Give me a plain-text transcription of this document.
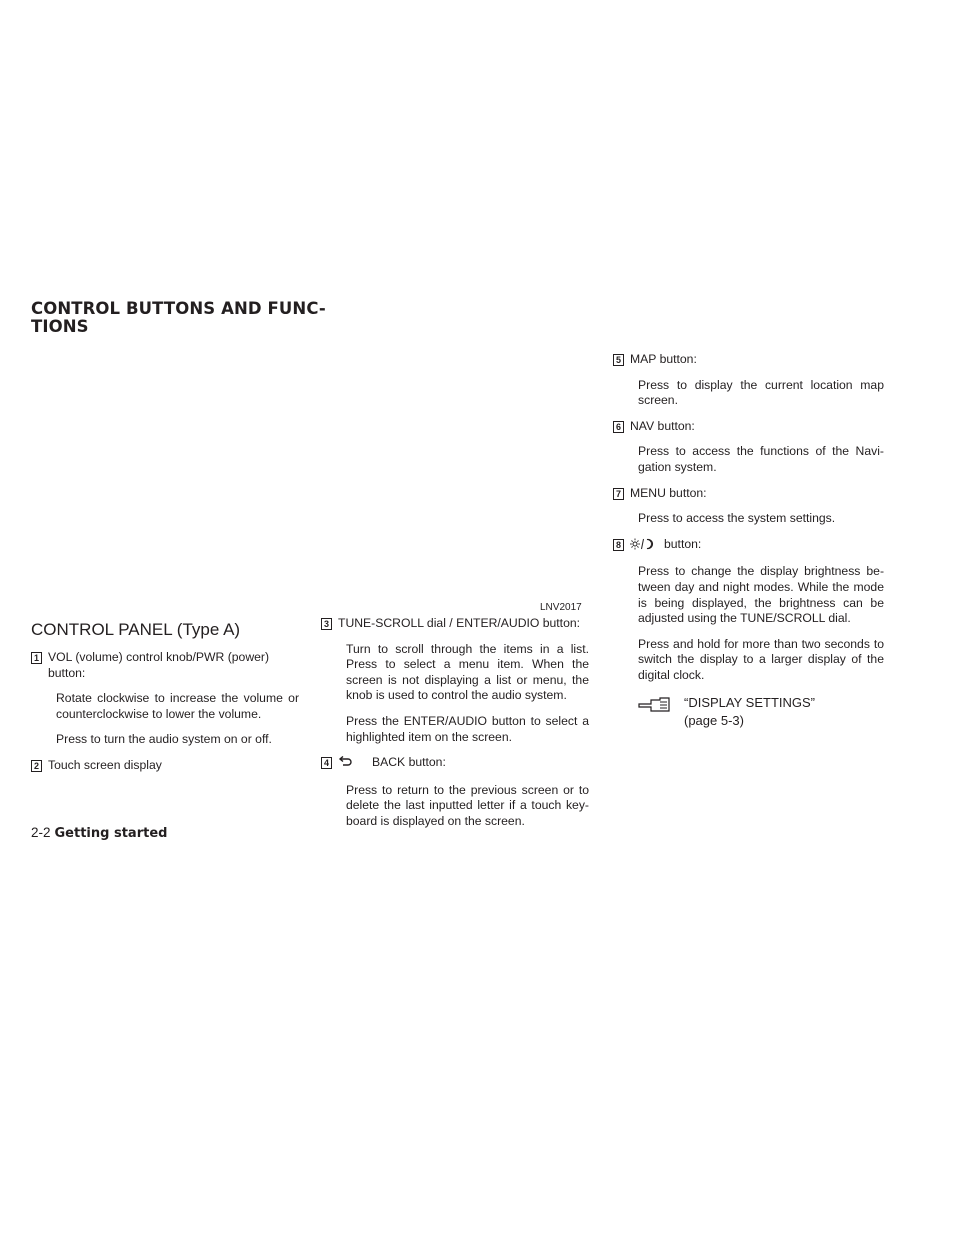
CONTROL BUTTONS AND FUNC-
TIONS
LNV2017
CONTROL PANEL (Type A)
1 VOL (volume) control knob/PWR (power) button:

Rotate clockwise to increase the volume or counterclockwise to lower the volume.

Press to turn the audio system on or off.

2 Touch screen display
3 TUNE-SCROLL dial / ENTER/AUDIO button:

Turn to scroll through the items in a list. Press to select a menu item. When the screen is not displaying a list or menu, the knob is used to control the audio system.

Press the ENTER/AUDIO button to select a highlighted item on the screen.

4	BACK button:

Press to return to the previous screen or to delete the last inputted letter if a touch key-board is displayed on the screen.

5 MAP button:

Press to display the current location map screen.

6 NAV button:

Press to access the functions of the Navi-gation system.

7 MENU button:

Press to access the system settings.

8	button:

Press to change the display brightness be-tween day and night modes. While the mode is being displayed, the brightness can be adjusted using the TUNE/SCROLL dial.

Press and hold for more than two seconds to switch the display to a larger display of the digital clock.

“DISPLAY SETTINGS”
(page 5-3)
2-2 Getting started
